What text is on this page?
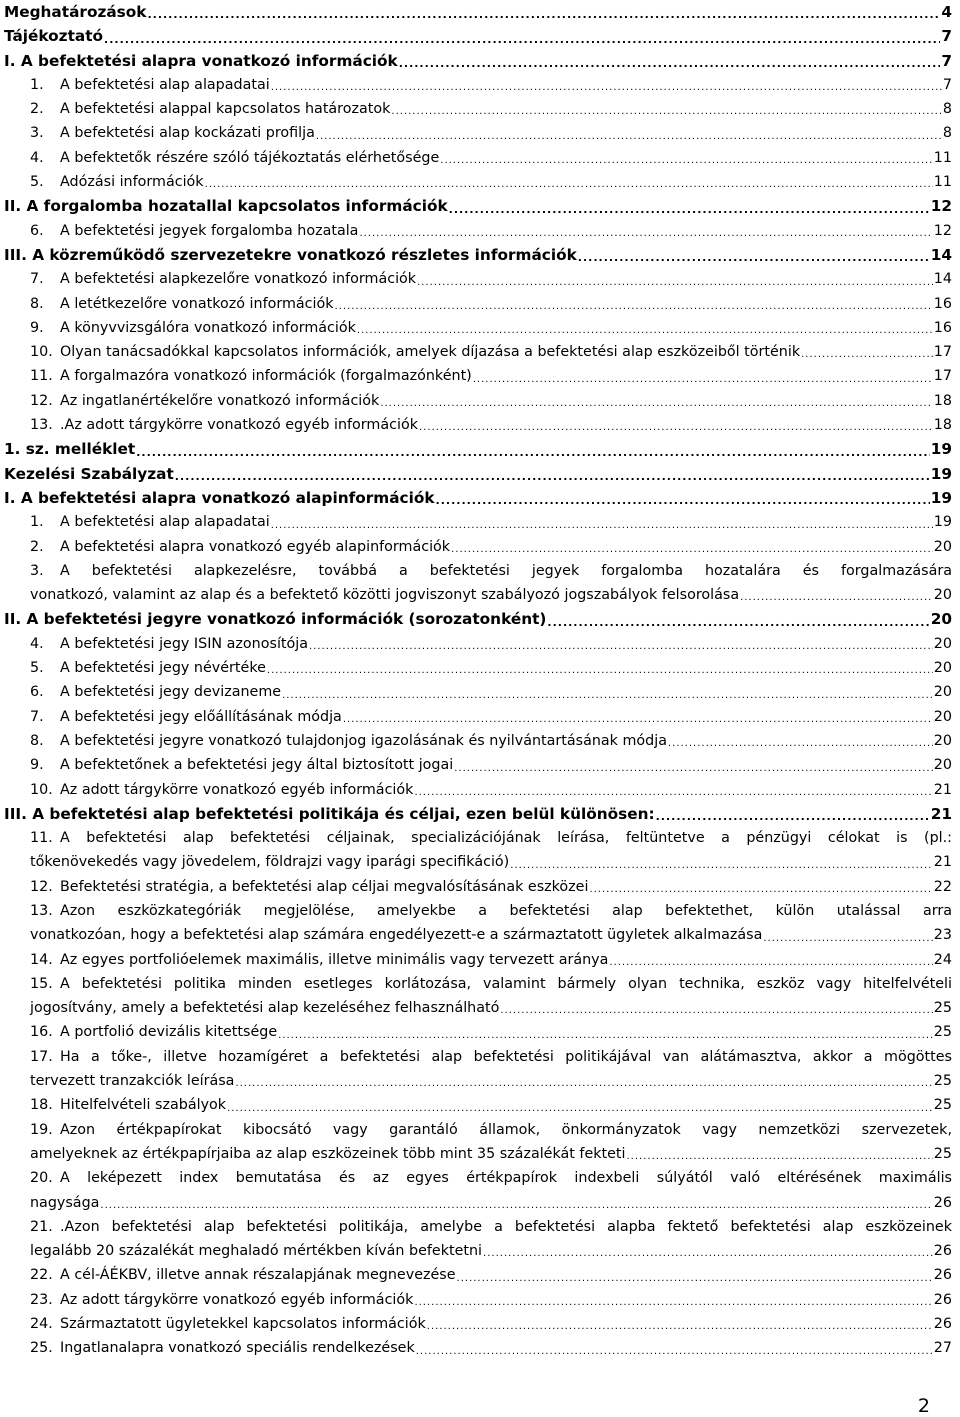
Meghatározások .....	4
Tájékoztató .....	7
I. A befektetési alapra vonatkozó információk .....	7
1.	A befektetési alap alapadatai .....	7
2.	A befektetési alappal kapcsolatos határozatok .....	8
3.	A befektetési alap kockázati profilja .....	8
4.	A befektetők részére szóló tájékoztatás elérhetősége .....	11
5.	Adózási információk .....	11
II. A forgalomba hozatallal kapcsolatos információk .....	12
6.	A befektetési jegyek forgalomba hozatala .....	12
III. A közreműködő szervezetekre vonatkozó részletes információk .....	14
7.	A befektetési alapkezelőre vonatkozó információk .....	14
8.	A letétkezelőre vonatkozó információk .....	16
9.	A könyvvizsgálóra vonatkozó információk .....	16
10. Olyan tanácsadókkal kapcsolatos információk, amelyek díjazása a befektetési alap eszközeiből történik .....	17
11. A forgalmazóra vonatkozó információk (forgalmazónként) .....	17
12. Az ingatlanértékelőre vonatkozó információk .....	18
13. .Az adott tárgykörre vonatkozó egyéb információk .....	18
1. sz. melléklet .....	19
Kezelési Szabályzat .....	19
I. A befektetési alapra vonatkozó alapinformációk .....	19
1.	A befektetési alap alapadatai .....	19
2.	A befektetési alapra vonatkozó egyéb alapinformációk .....	20
3.	A befektetési alapkezelésre, továbbá a befektetési jegyek forgalomba hozatalára és forgalmazására
vonatkozó, valamint az alap és a befektető közötti jogviszonyt szabályozó jogszabályok felsorolása .....	20
II. A befektetési jegyre vonatkozó információk (sorozatonként) .....	20
4.	A befektetési jegy ISIN azonosítója .....	20
5.	A befektetési jegy névértéke .....	20
6.	A befektetési jegy devizaneme .....	20
7.	A befektetési jegy előállításának módja .....	20
8.	A befektetési jegyre vonatkozó tulajdonjog igazolásának és nyilvántartásának módja .....	20
9.	A befektetőnek a befektetési jegy által biztosított jogai .....	20
10. Az adott tárgykörre vonatkozó egyéb információk .....	21
III. A befektetési alap befektetési politikája és céljai, ezen belül különösen: .....	21
11. A befektetési alap befektetési céljainak, specializációjának leírása, feltüntetve a pénzügyi célokat is (pl.:
tőkenövekedés vagy jövedelem, földrajzi vagy iparági specifikáció) .....	21
12. Befektetési stratégia, a befektetési alap céljai megvalósításának eszközei .....	22
13. Azon eszközkategóriák megjelölése, amelyekbe a befektetési alap befektethet, külön utalással arra
vonatkozóan, hogy a befektetési alap számára engedélyezett-e a származtatott ügyletek alkalmazása .....	23
14. Az egyes portfolióelemek maximális, illetve minimális vagy tervezett aránya .....	24
15. A befektetési politika minden esetleges korlátozása, valamint bármely olyan technika, eszköz vagy hitelfelvételi
jogosítvány, amely a befektetési alap kezeléséhez felhasználható .....	25
16. A portfolió devizális kitettsége .....	25
17. Ha a tőke-, illetve hozamígéret a befektetési alap befektetési politikájával van alátámasztva, akkor a mögöttes
tervezett tranzakciók leírása .....	25
18. Hitelfelvételi szabályok .....	25
19. Azon értékpapírokat kibocsátó vagy garantáló államok, önkormányzatok vagy nemzetközi szervezetek,
amelyeknek az értékpapírjaiba az alap eszközeinek több mint 35 százalékát fekteti .....	25
20. A leképezett index bemutatása és az egyes értékpapírok indexbeli súlyától való eltérésének maximális
nagysága .....	26
21. .Azon befektetési alap befektetési politikája, amelybe a befektetési alapba fektető befektetési alap eszközeinek
legalább 20 százalékát meghaladó mértékben kíván befektetni .....	26
22. A cél-ÁÉKBV, illetve annak részalapjának megnevezése .....	26
23. Az adott tárgykörre vonatkozó egyéb információk .....	26
24. Származtatott ügyletekkel kapcsolatos információk .....	26
25. Ingatlanalapra vonatkozó speciális rendelkezések .....	27
2
